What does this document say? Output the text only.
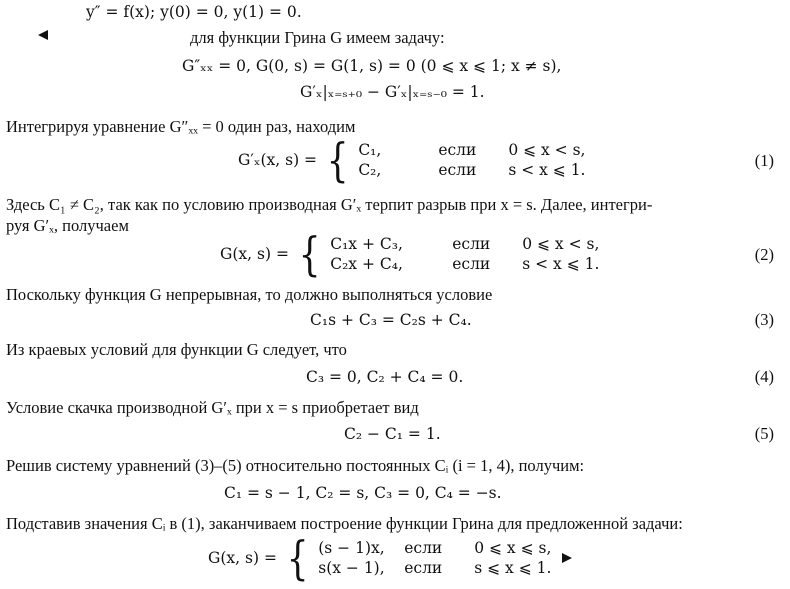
y″ = f(x); y(0) = 0, y(1) = 0.
для функции Грина G имеем задачу:
G″ₓₓ = 0, G(0, s) = G(1, s) = 0 (0 ⩽ x ⩽ 1; x ≠ s),
G′ₓ|ₓ₌ₛ₊₀ − G′ₓ|ₓ₌ₛ₋₀ = 1.
Интегрируя уравнение G″ₓₓ = 0 один раз, находим
G′ₓ(x, s) = { C₁,	если	0 ⩽ x < s,
C₂,	если	s < x ⩽ 1.	(1)
Здесь C₁ ≠ C₂, так как по условию производная G′ₓ терпит разрыв при x = s. Далее, интегри-
руя G′ₓ, получаем
G(x, s) = { C₁x + C₃,	если	0 ⩽ x < s,
C₂x + C₄,	если	s < x ⩽ 1.	(2)
Поскольку функция G непрерывная, то должно выполняться условие
C₁s + C₃ = C₂s + C₄.	(3)
Из краевых условий для функции G следует, что
C₃ = 0, C₂ + C₄ = 0.	(4)
Условие скачка производной G′ₓ при x = s приобретает вид
C₂ − C₁ = 1.	(5)
Решив систему уравнений (3)–(5) относительно постоянных Cᵢ (i = 1, 4), получим:
C₁ = s − 1, C₂ = s, C₃ = 0, C₄ = −s.
Подставив значения Cᵢ в (1), заканчиваем построение функции Грина для предложенной задачи:
G(x, s) = { (s − 1)x,	если	0 ⩽ x ⩽ s,
s(x − 1),	если	s ⩽ x ⩽ 1.
